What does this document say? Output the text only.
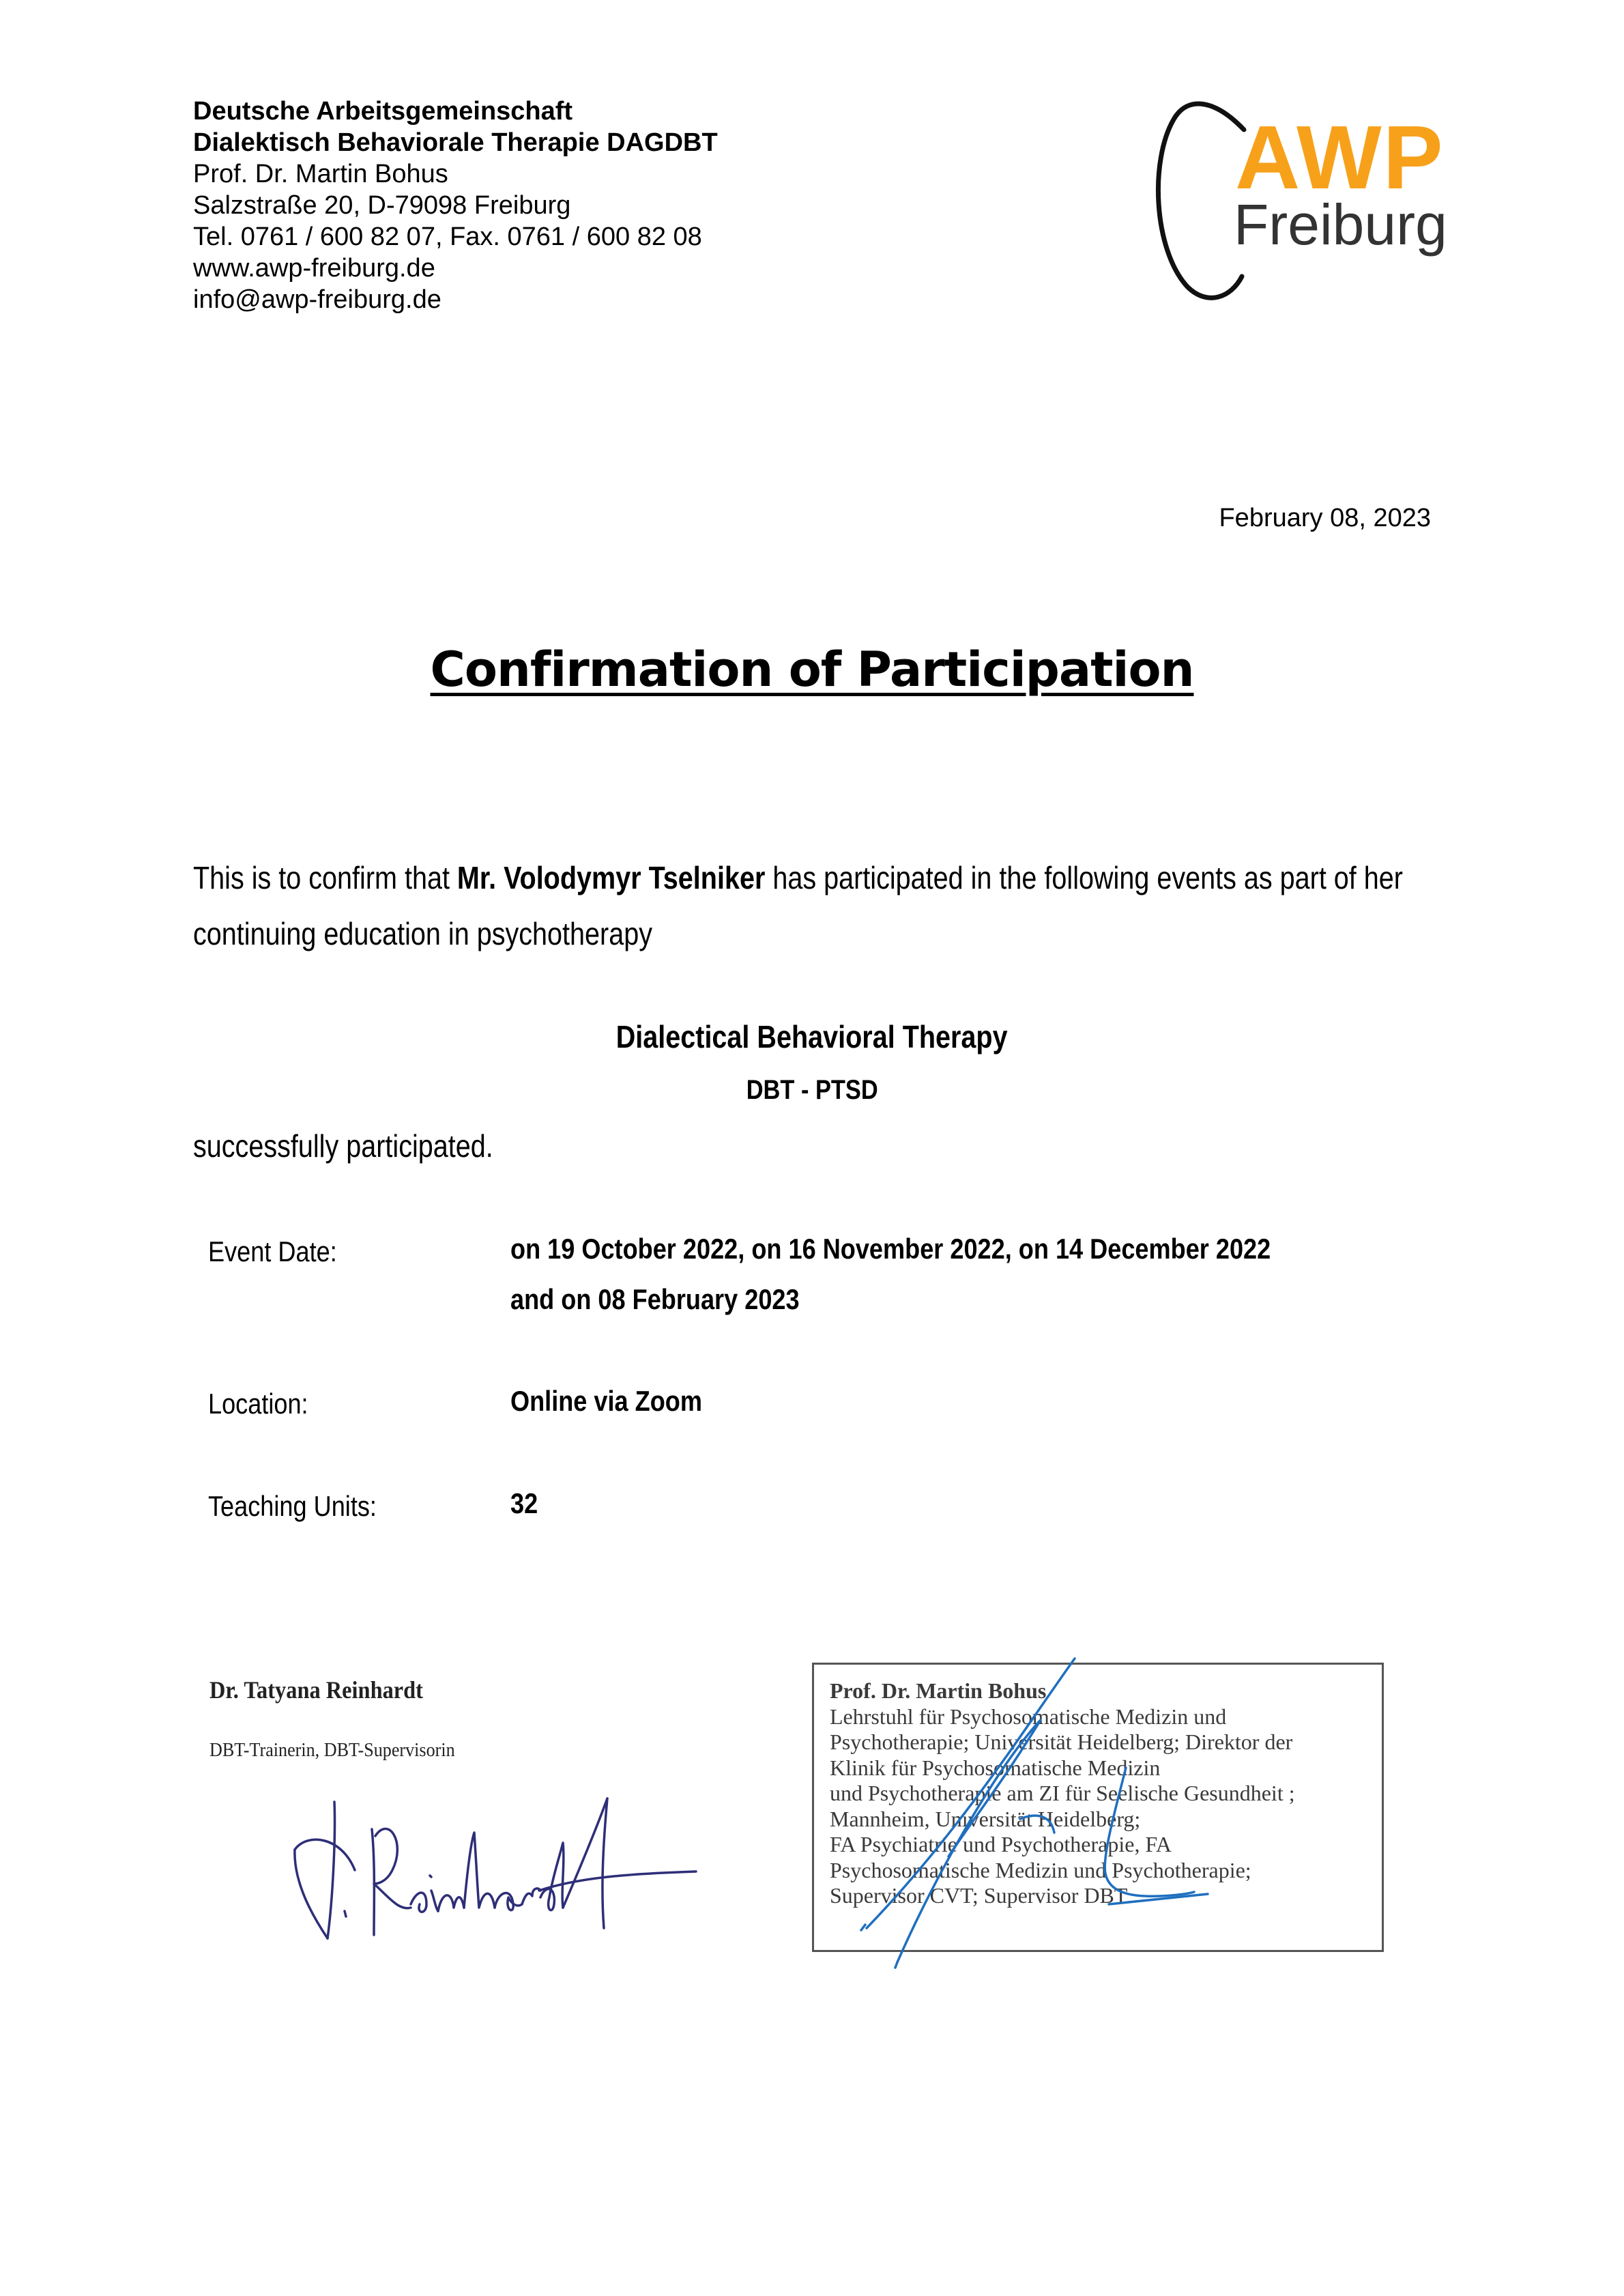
Deutsche Arbeitsgemeinschaft
Dialektisch Behaviorale Therapie DAGDBT
Prof. Dr. Martin Bohus
Salzstraße 20, D-79098 Freiburg
Tel. 0761 / 600 82 07, Fax. 0761 / 600 82 08
www.awp-freiburg.de
info@awp-freiburg.de
AWP
Freiburg
February 08, 2023
Confirmation of Participation
This is to confirm that Mr. Volodymyr Tselniker has participated in the following events as part of her
continuing education in psychotherapy
Dialectical Behavioral Therapy
DBT - PTSD
successfully participated.
Event Date:	on 19 October 2022, on 16 November 2022, on 14 December 2022
and on 08 February 2023
Location:	Online via Zoom
Teaching Units:	32
Dr. Tatyana Reinhardt
DBT-Trainerin, DBT-Supervisorin
Prof. Dr. Martin Bohus
Lehrstuhl für Psychosomatische Medizin und
Psychotherapie; Universität Heidelberg; Direktor der
Klinik für Psychosomatische Medizin
und Psychotherapie am ZI für Seelische Gesundheit ;
Mannheim, Universität Heidelberg;
FA Psychiatrie und Psychotherapie, FA
Psychosomatische Medizin und Psychotherapie;
Supervisor CVT; Supervisor DBT
